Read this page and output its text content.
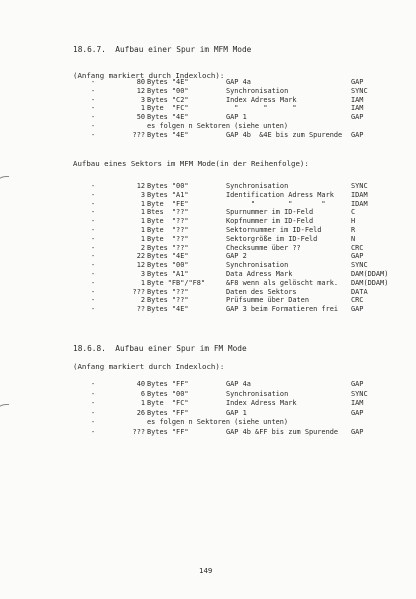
18.6.7.  Aufbau einer Spur im MFM Mode
(Anfang markiert durch Indexloch):
-	80 Bytes "4E"	GAP 4a	GAP
-	12 Bytes "00"	Synchronisation	SYNC
-	3 Bytes "C2"	Index Adress Mark	IAM
-	1 Byte  "FC"	"      "      "	IAM
-	50 Bytes "4E"	GAP 1	GAP
-	es folgen n Sektoren (siehe unten)
-	??? Bytes "4E"	GAP 4b  &4E bis zum Spurende GAP
Aufbau eines Sektors im MFM Mode(in der Reihenfolge):
-	12 Bytes "00"	Synchronisation	SYNC
-	3 Bytes "A1"	Identification Adress Mark IDAM
-	1 Byte  "FE"	"        "       "	IDAM
-	1 Btes  "??"	Spurnummer im ID-Feld	C
-	1 Byte  "??"	Kopfnummer im ID-Feld	H
-	1 Byte  "??"	Sektornummer im ID-Feld	R
-	1 Byte  "??"	Sektorgröße im ID-Feld	N
-	2 Bytes "??"	Checksumme über ??	CRC
-	22 Bytes "4E"	GAP 2	GAP
-	12 Bytes "00"	Synchronisation	SYNC
-	3 Bytes "A1"	Data Adress Mark	DAM(DDAM)
-	1 Byte "FB"/"F8"	&F8 wenn als gelöscht mark. DAM(DDAM)
-	??? Bytes "??"	Daten des Sektors	DATA
-	2 Bytes "??"	Prüfsumme über Daten	CRC
-	?? Bytes "4E"	GAP 3 beim Formatieren frei GAP
18.6.8.  Aufbau einer Spur im FM Mode
(Anfang markiert durch Indexloch):
-	40 Bytes "FF"	GAP 4a	GAP
-	6 Bytes "00"	Synchronisation	SYNC
-	1 Byte  "FC"	Index Adress Mark	IAM
-	26 Bytes "FF"	GAP 1	GAP
-	es folgen n Sektoren (siehe unten)
-	??? Bytes "FF"	GAP 4b &FF bis zum Spurende GAP
149
